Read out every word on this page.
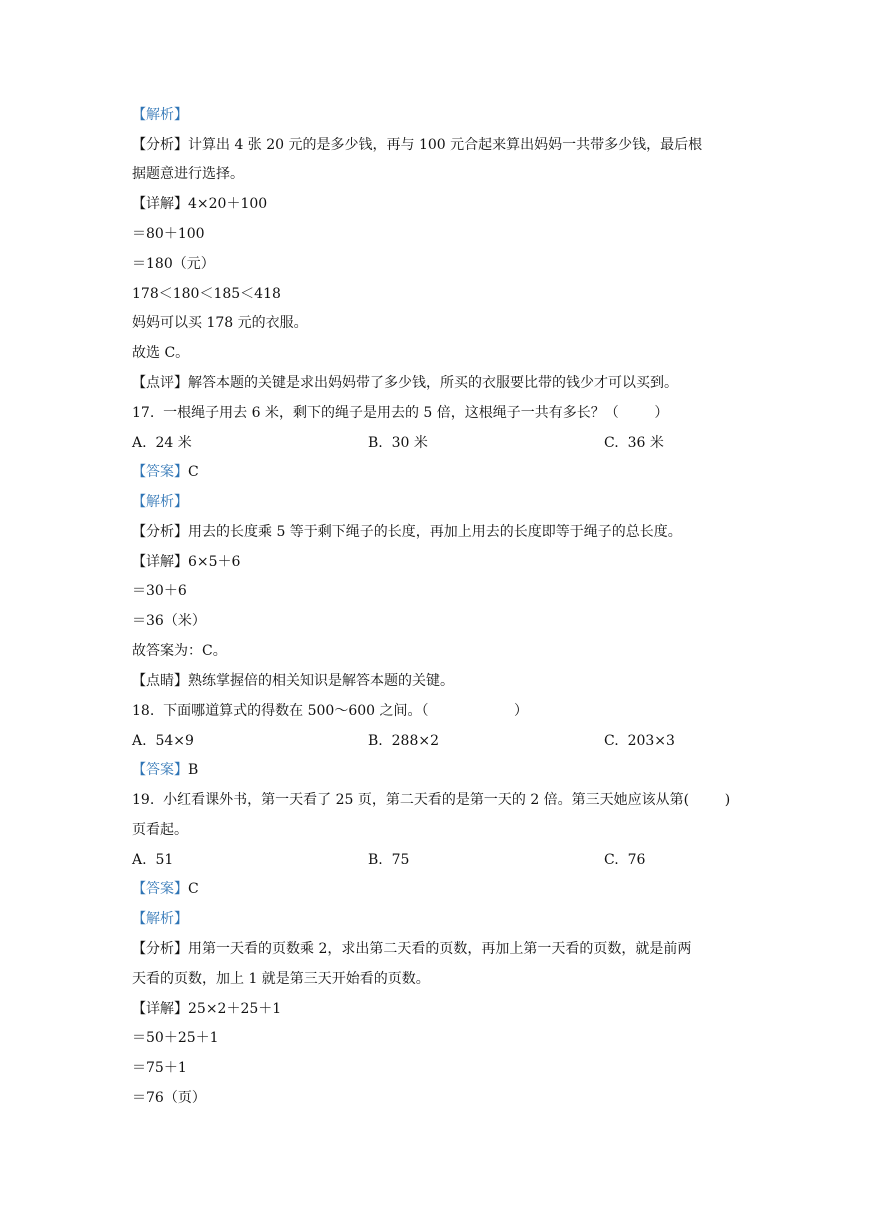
【解析】
【分析】计算出 4 张 20 元的是多少钱，再与 100 元合起来算出妈妈一共带多少钱，最后根
据题意进行选择。
【详解】4×20＋100
＝80＋100
＝180（元）
178＜180＜185＜418
妈妈可以买 178 元的衣服。
故选 C。
【点评】解答本题的关键是求出妈妈带了多少钱，所买的衣服要比带的钱少才可以买到。
17.  一根绳子用去 6 米，剩下的绳子是用去的 5 倍，这根绳子一共有多长？（        ）
A.  24 米	B.  30 米	C.  36 米
【答案】C
【解析】
【分析】用去的长度乘 5 等于剩下绳子的长度，再加上用去的长度即等于绳子的总长度。
【详解】6×5＋6
＝30＋6
＝36（米）
故答案为：C。
【点睛】熟练掌握倍的相关知识是解答本题的关键。
18.  下面哪道算式的得数在 500～600 之间。（	）
A.  54×9	B.  288×2	C.  203×3
【答案】B
19.  小红看课外书，第一天看了 25 页，第二天看的是第一天的 2 倍。第三天她应该从第(        )
页看起。
A.  51	B.  75	C.  76
【答案】C
【解析】
【分析】用第一天看的页数乘 2，求出第二天看的页数，再加上第一天看的页数，就是前两
天看的页数，加上 1 就是第三天开始看的页数。
【详解】25×2＋25＋1
＝50＋25＋1
＝75＋1
＝76（页）
